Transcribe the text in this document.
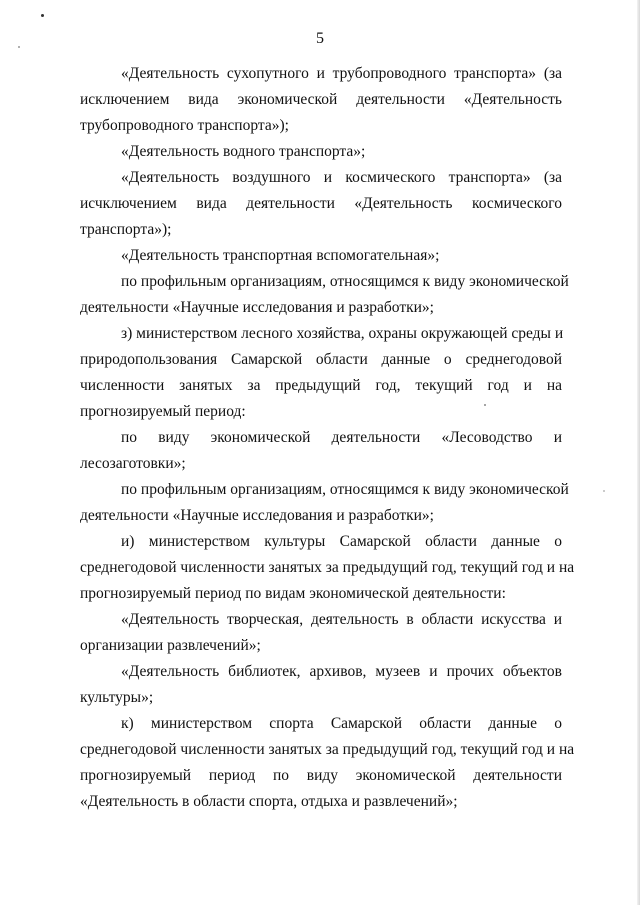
5
«Деятельность сухопутного и трубопроводного транспорта» (за
исключением вида экономической деятельности «Деятельность
трубопроводного транспорта»);
«Деятельность водного транспорта»;
«Деятельность воздушного и космического транспорта» (за
исчключением вида деятельности «Деятельность космического
транспорта»);
«Деятельность транспортная вспомогательная»;
по профильным организациям, относящимся к виду экономической
деятельности «Научные исследования и разработки»;
з) министерством лесного хозяйства, охраны окружающей среды и
природопользования Самарской области данные о среднегодовой
численности занятых за предыдущий год, текущий год и на
прогнозируемый период:
по виду экономической деятельности «Лесоводство и
лесозаготовки»;
по профильным организациям, относящимся к виду экономической
деятельности «Научные исследования и разработки»;
и) министерством культуры Самарской области данные о
среднегодовой численности занятых за предыдущий год, текущий год и на
прогнозируемый период по видам экономической деятельности:
«Деятельность творческая, деятельность в области искусства и
организации развлечений»;
«Деятельность библиотек, архивов, музеев и прочих объектов
культуры»;
к) министерством спорта Самарской области данные о
среднегодовой численности занятых за предыдущий год, текущий год и на
прогнозируемый период по виду экономической деятельности
«Деятельность в области спорта, отдыха и развлечений»;
